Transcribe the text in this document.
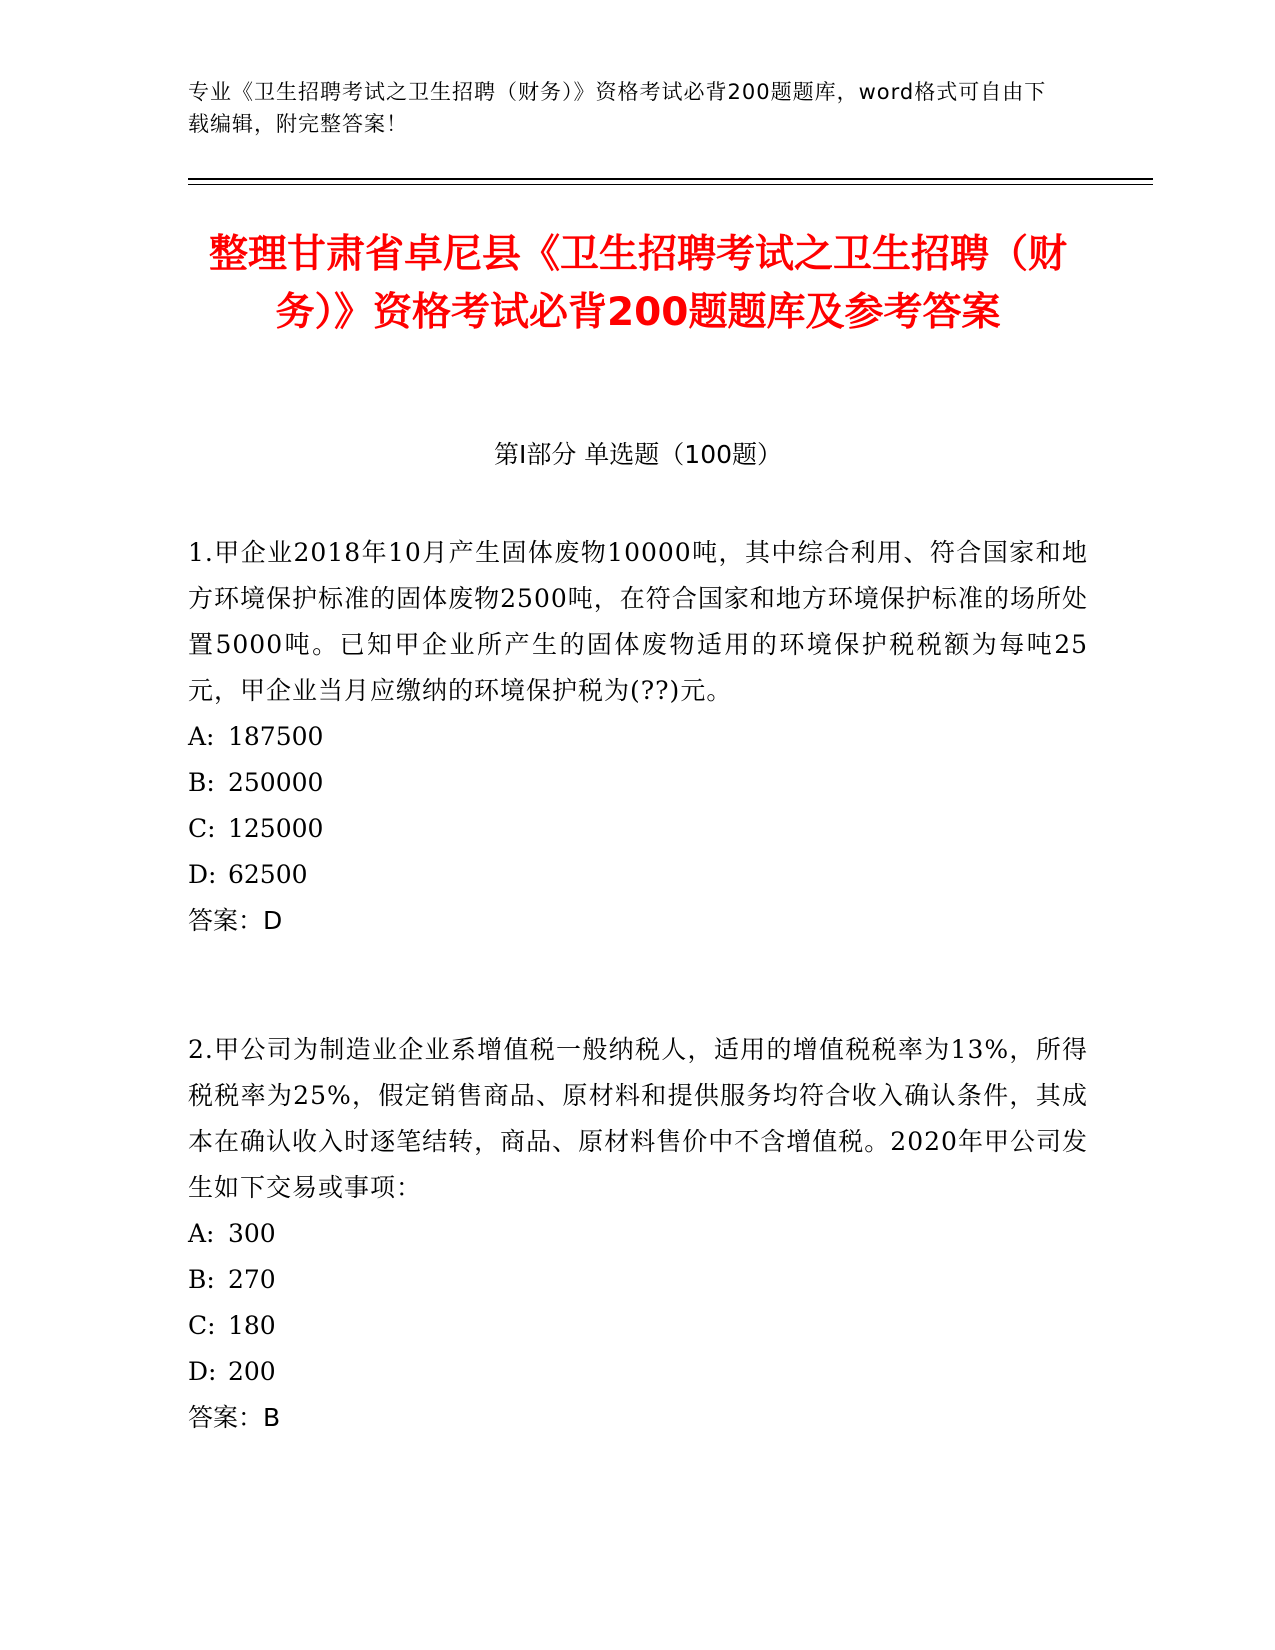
专业《卫生招聘考试之卫生招聘（财务）》资格考试必背200题题库，word格式可自由下载编辑，附完整答案！
整理甘肃省卓尼县《卫生招聘考试之卫生招聘（财务）》资格考试必背200题题库及参考答案
第Ⅰ部分 单选题（100题）

1.甲企业2018年10月产生固体废物10000吨，其中综合利用、符合国家和地方环境保护标准的固体废物2500吨，在符合国家和地方环境保护标准的场所处置5000吨。已知甲企业所产生的固体废物适用的环境保护税税额为每吨25元，甲企业当月应缴纳的环境保护税为(??)元。

A: 187500

B: 250000

C: 125000

D: 62500

答案：D

2.甲公司为制造业企业系增值税一般纳税人，适用的增值税税率为13%，所得税税率为25%，假定销售商品、原材料和提供服务均符合收入确认条件，其成本在确认收入时逐笔结转，商品、原材料售价中不含增值税。2020年甲公司发生如下交易或事项：

A: 300

B: 270

C: 180

D: 200

答案：B
